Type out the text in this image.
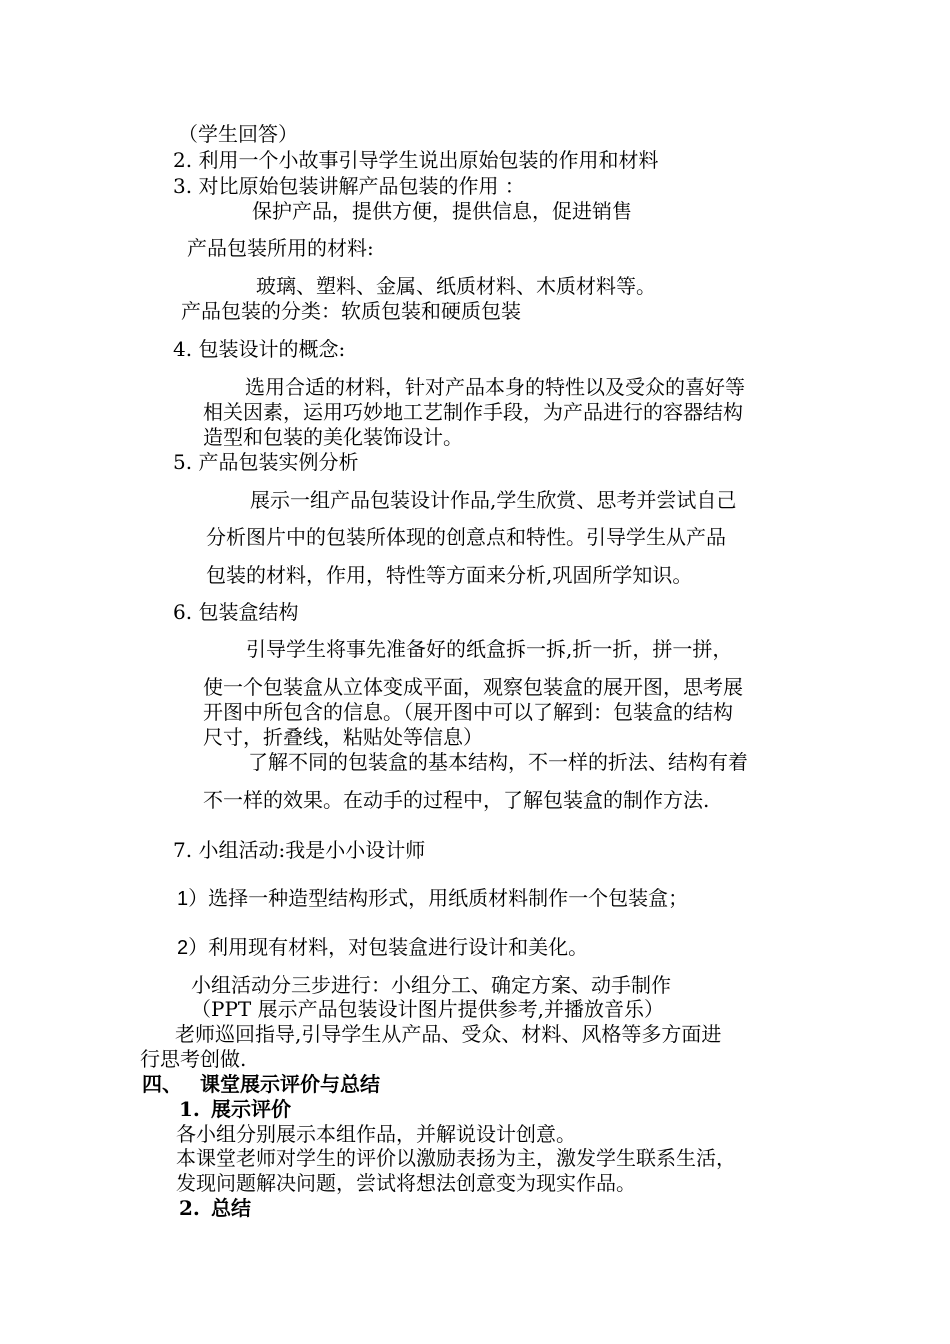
（学生回答）
2. 利用一个小故事引导学生说出原始包装的作用和材料
3. 对比原始包装讲解产品包装的作用 ：
保护产品，提供方便，提供信息，促进销售
产品包装所用的材料:
玻璃、塑料、金属、纸质材料、木质材料等。
产品包装的分类：软质包装和硬质包装
4. 包装设计的概念:
选用合适的材料，针对产品本身的特性以及受众的喜好等
相关因素，运用巧妙地工艺制作手段，为产品进行的容器结构
造型和包装的美化装饰设计。
5. 产品包装实例分析
展示一组产品包装设计作品,学生欣赏、思考并尝试自己
分析图片中的包装所体现的创意点和特性。引导学生从产品
包装的材料，作用，特性等方面来分析,巩固所学知识。
6. 包装盒结构
引导学生将事先准备好的纸盒拆一拆,折一折，拼一拼，
使一个包装盒从立体变成平面，观察包装盒的展开图，思考展
开图中所包含的信息。（展开图中可以了解到：包装盒的结构
尺寸，折叠线，粘贴处等信息）
了解不同的包装盒的基本结构，不一样的折法、结构有着
不一样的效果。在动手的过程中，了解包装盒的制作方法.
7. 小组活动:我是小小设计师
1）选择一种造型结构形式，用纸质材料制作一个包装盒；
2）利用现有材料，对包装盒进行设计和美化。
小组活动分三步进行：小组分工、确定方案、动手制作
（PPT 展示产品包装设计图片提供参考,并播放音乐）
老师巡回指导,引导学生从产品、受众、材料、风格等多方面进
行思考创做.
四、 课堂展示评价与总结
1. 展示评价
各小组分别展示本组作品，并解说设计创意。
本课堂老师对学生的评价以激励表扬为主，激发学生联系生活，
发现问题解决问题，尝试将想法创意变为现实作品。
2. 总结
